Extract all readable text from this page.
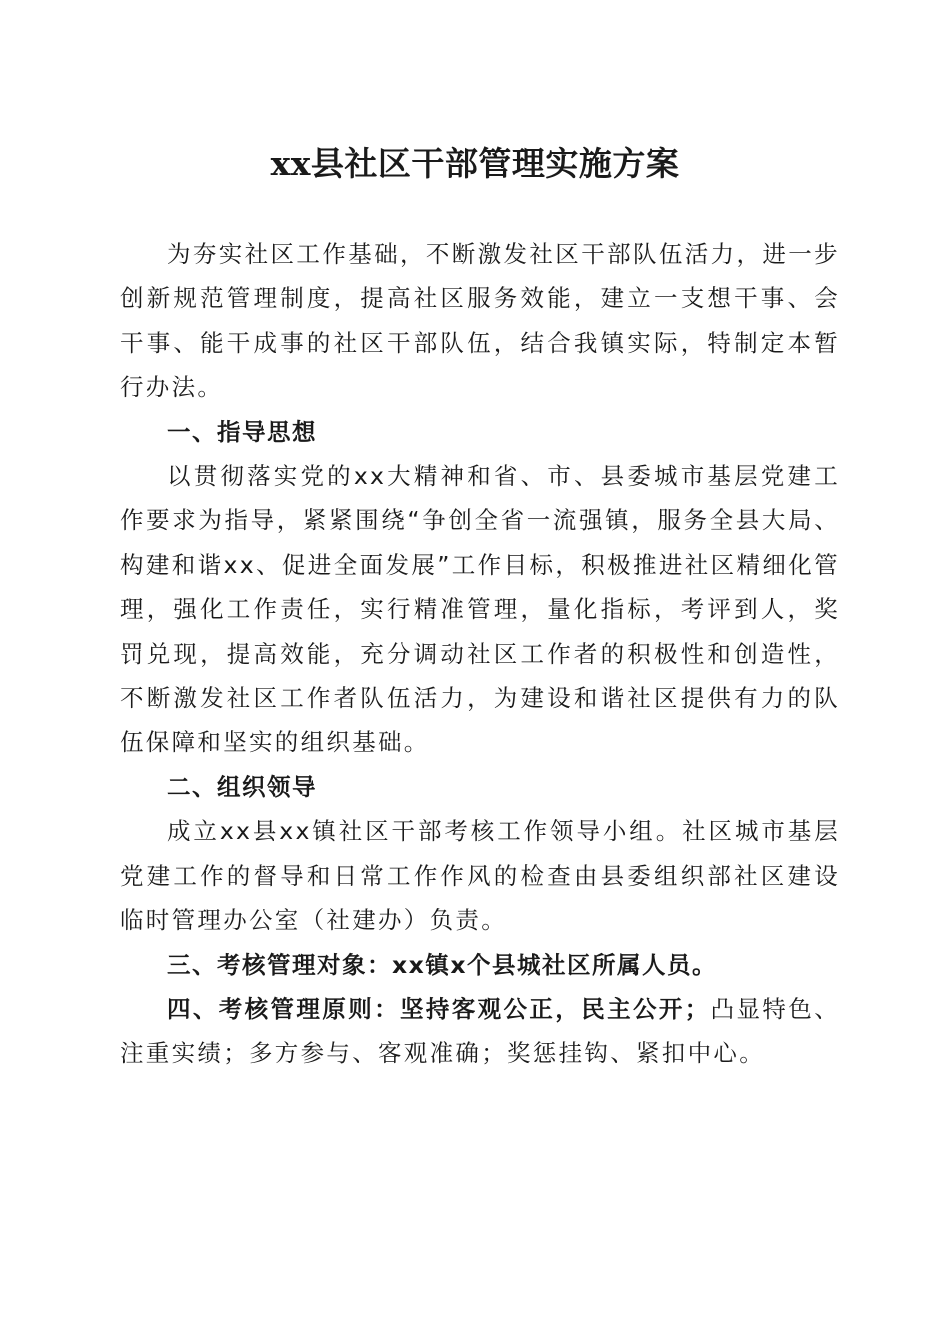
xx县社区干部管理实施方案

为夯实社区工作基础，不断激发社区干部队伍活力，进一步创新规范管理制度，提高社区服务效能，建立一支想干事、会干事、能干成事的社区干部队伍，结合我镇实际，特制定本暂行办法。

一、指导思想

以贯彻落实党的xx大精神和省、市、县委城市基层党建工作要求为指导，紧紧围绕“争创全省一流强镇，服务全县大局、构建和谐xx、促进全面发展”工作目标，积极推进社区精细化管理，强化工作责任，实行精准管理，量化指标，考评到人，奖罚兑现，提高效能，充分调动社区工作者的积极性和创造性，不断激发社区工作者队伍活力，为建设和谐社区提供有力的队伍保障和坚实的组织基础。

二、组织领导

成立xx县xx镇社区干部考核工作领导小组。社区城市基层党建工作的督导和日常工作作风的检查由县委组织部社区建设临时管理办公室（社建办）负责。

三、考核管理对象：xx镇x个县城社区所属人员。

四、考核管理原则：坚持客观公正，民主公开；凸显特色、注重实绩；多方参与、客观准确；奖惩挂钩、紧扣中心。
